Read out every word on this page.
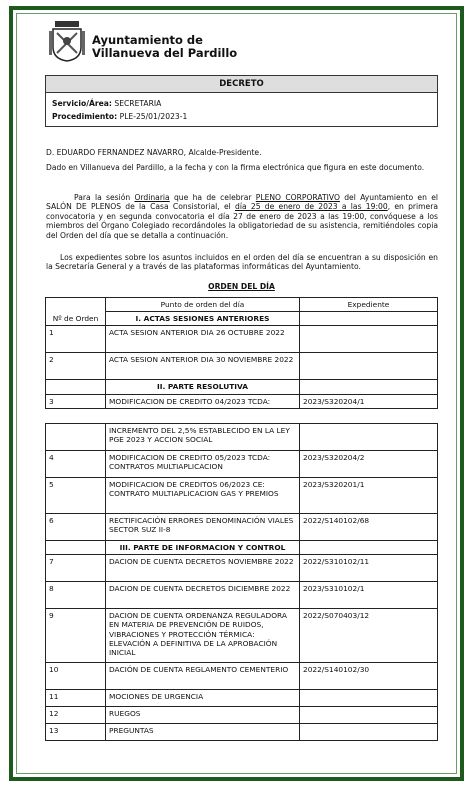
Ayuntamiento de
Villanueva del Pardillo
DECRETO
Servicio/Área: SECRETARIA
Procedimiento: PLE-25/01/2023-1
D. EDUARDO FERNANDEZ NAVARRO, Alcalde-Presidente.
Dado en Villanueva del Pardillo, a la fecha y con la firma electrónica que figura en este documento.
Para la sesión Ordinaria que ha de celebrar PLENO CORPORATIVO del Ayuntamiento en el SALÓN DE PLENOS de la Casa Consistorial, el día 25 de enero de 2023 a las 19:00, en primera convocatoria y en segunda convocatoria el día 27 de enero de 2023 a las 19:00, convóquese a los miembros del Órgano Colegiado recordándoles la obligatoriedad de su asistencia, remitiéndoles copia del Orden del día que se detalla a continuación.
Los expedientes sobre los asuntos incluidos en el orden del día se encuentran a su disposición en la Secretaría General y a través de las plataformas informáticas del Ayuntamiento.
ORDEN DEL DÍA
Nº de Orden	Punto de orden del día	Expediente
	I. ACTAS SESIONES ANTERIORES	
1	ACTA SESION ANTERIOR DIA 26 OCTUBRE 2022	
2	ACTA SESION ANTERIOR DIA 30 NOVIEMBRE 2022	
	II. PARTE RESOLUTIVA	
3	MODIFICACION DE CREDITO 04/2023 TCDA:	2023/S320204/1
	INCREMENTO DEL 2,5% ESTABLECIDO EN LA LEY PGE 2023 Y ACCION SOCIAL	
4	MODIFICACION DE CREDITO 05/2023 TCDA: CONTRATOS MULTIAPLICACION	2023/S320204/2
5	MODIFICACION DE CREDITOS 06/2023 CE: CONTRATO MULTIAPLICACION GAS Y PREMIOS	2023/S320201/1
6	RECTIFICACIÓN ERRORES DENOMINACIÓN VIALES SECTOR SUZ II-8	2022/S140102/68
	III. PARTE DE INFORMACION Y CONTROL	
7	DACION DE CUENTA DECRETOS NOVIEMBRE 2022	2022/S310102/11
8	DACION DE CUENTA DECRETOS DICIEMBRE 2022	2023/S310102/1
9	DACION DE CUENTA ORDENANZA REGULADORA EN MATERIA DE PREVENCIÓN DE RUIDOS, VIBRACIONES Y PROTECCIÓN TÉRMICA: ELEVACIÓN A DEFINITIVA DE LA APROBACIÓN INICIAL	2022/S070403/12
10	DACIÓN DE CUENTA REGLAMENTO CEMENTERIO	2022/S140102/30
11	MOCIONES DE URGENCIA	
12	RUEGOS	
13	PREGUNTAS	
